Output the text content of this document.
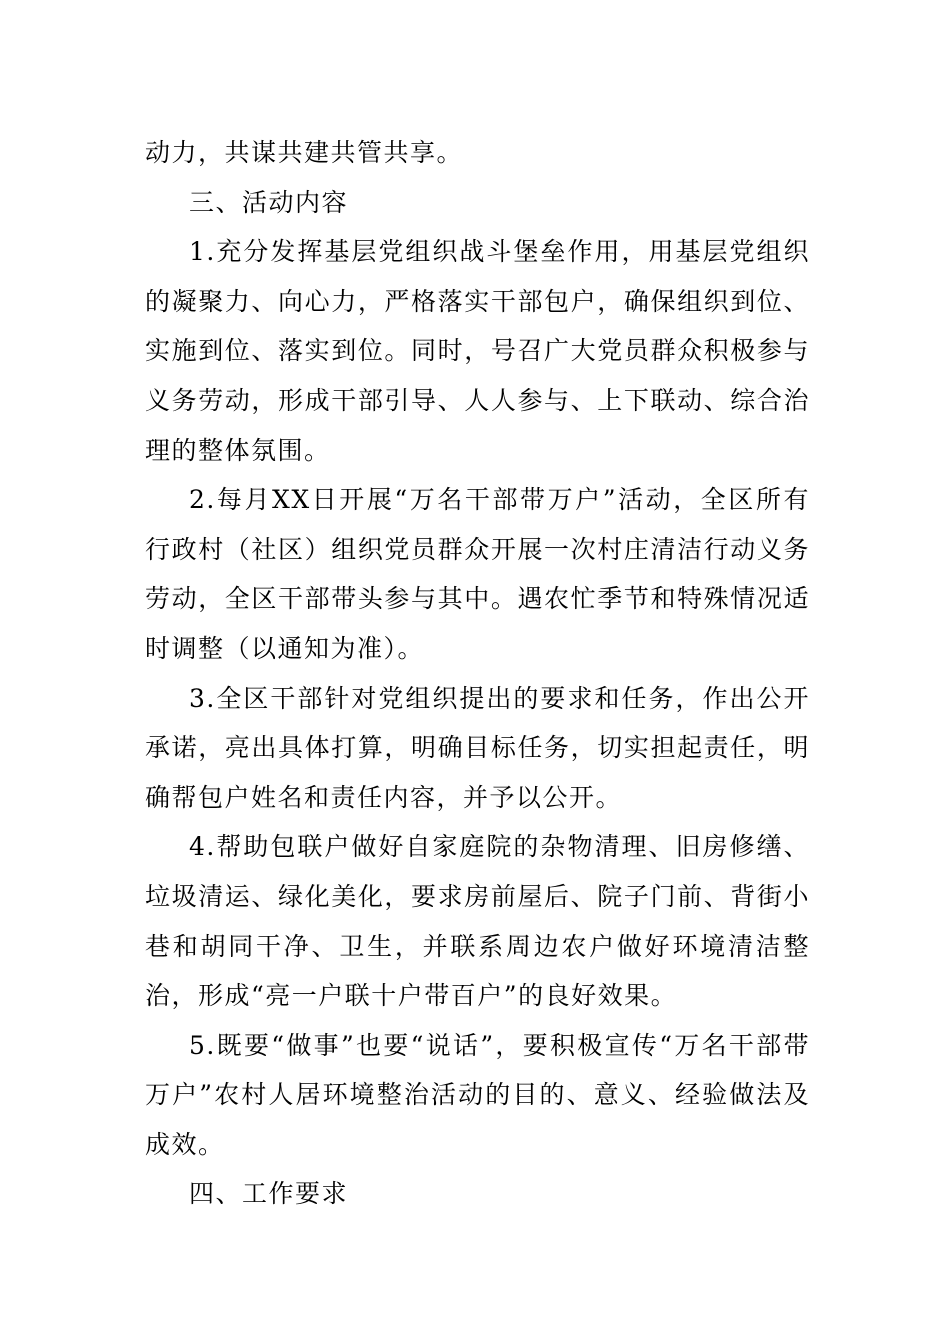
动力，共谋共建共管共享。

三、活动内容

1.充分发挥基层党组织战斗堡垒作用，用基层党组织的凝聚力、向心力，严格落实干部包户，确保组织到位、实施到位、落实到位。同时，号召广大党员群众积极参与义务劳动，形成干部引导、人人参与、上下联动、综合治理的整体氛围。

2.每月XX日开展“万名干部带万户”活动，全区所有行政村（社区）组织党员群众开展一次村庄清洁行动义务劳动，全区干部带头参与其中。遇农忙季节和特殊情况适时调整（以通知为准）。

3.全区干部针对党组织提出的要求和任务，作出公开承诺，亮出具体打算，明确目标任务，切实担起责任，明确帮包户姓名和责任内容，并予以公开。

4.帮助包联户做好自家庭院的杂物清理、旧房修缮、垃圾清运、绿化美化，要求房前屋后、院子门前、背街小巷和胡同干净、卫生，并联系周边农户做好环境清洁整治，形成“亮一户联十户带百户”的良好效果。

5.既要“做事”也要“说话”，要积极宣传“万名干部带万户”农村人居环境整治活动的目的、意义、经验做法及成效。

四、工作要求
